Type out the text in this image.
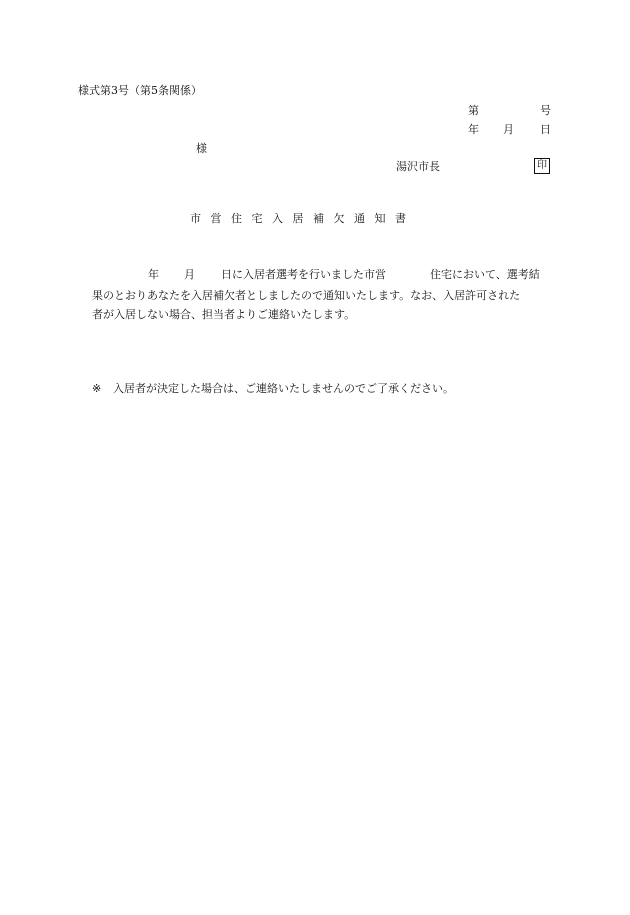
様式第3号（第5条関係）
第	号
年 月 日
様
湯沢市長	印
市営住宅入居補欠通知書
年 月 日に入居者選考を行いました市営	住宅において、選考結
果のとおりあなたを入居補欠者としましたので通知いたします。なお、入居許可された
者が入居しない場合、担当者よりご連絡いたします。
※ 入居者が決定した場合は、ご連絡いたしませんのでご了承ください。
